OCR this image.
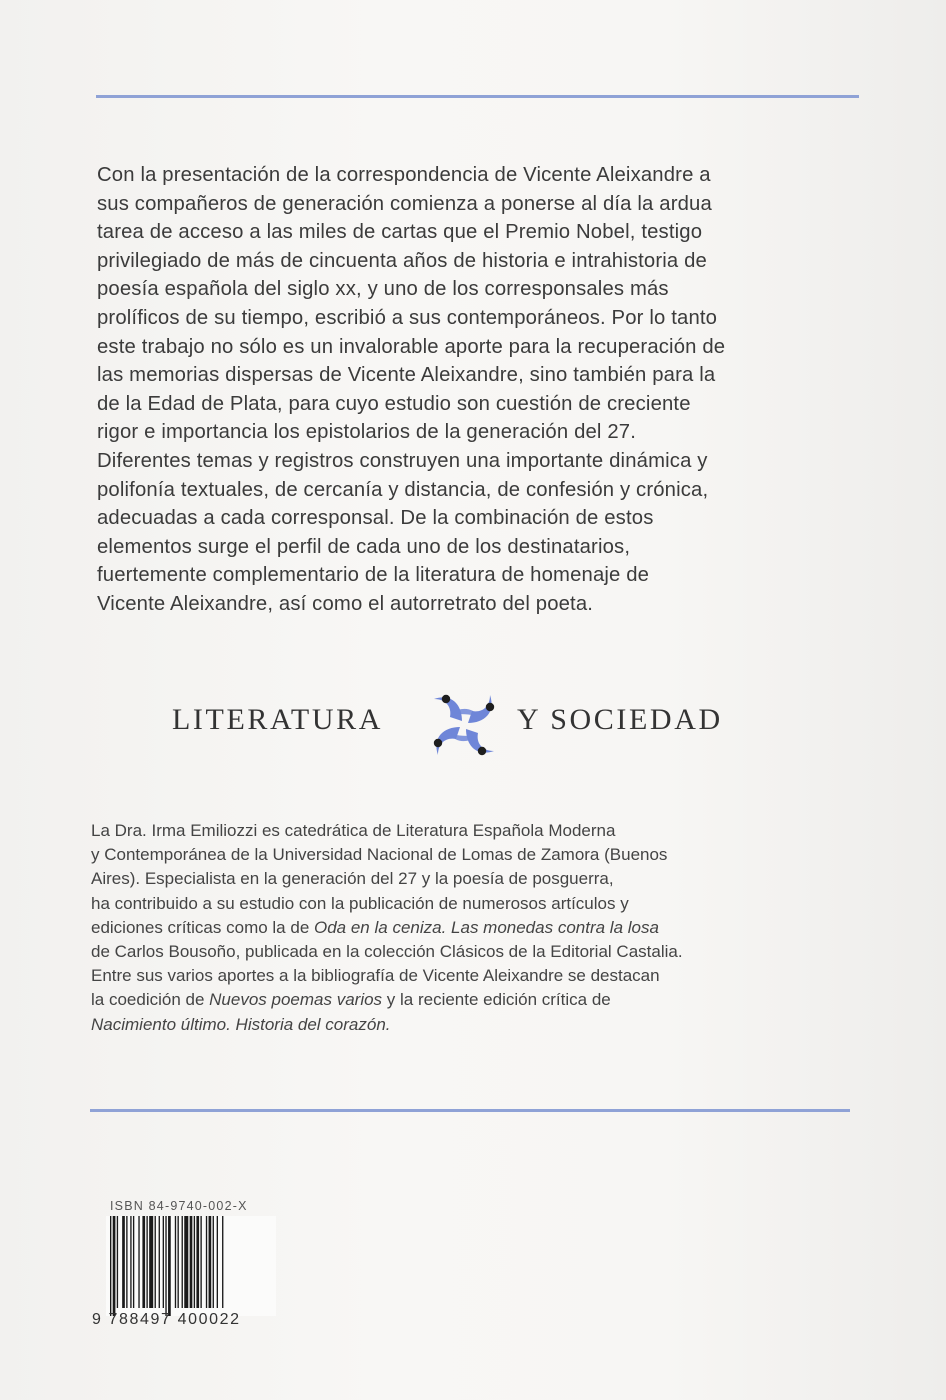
Con la presentación de la correspondencia de Vicente Aleixandre a
sus compañeros de generación comienza a ponerse al día la ardua
tarea de acceso a las miles de cartas que el Premio Nobel, testigo
privilegiado de más de cincuenta años de historia e intrahistoria de
poesía española del siglo xx, y uno de los corresponsales más
prolíficos de su tiempo, escribió a sus contemporáneos. Por lo tanto
este trabajo no sólo es un invalorable aporte para la recuperación de
las memorias dispersas de Vicente Aleixandre, sino también para la
de la Edad de Plata, para cuyo estudio son cuestión de creciente
rigor e importancia los epistolarios de la generación del 27.
Diferentes temas y registros construyen una importante dinámica y
polifonía textuales, de cercanía y distancia, de confesión y crónica,
adecuadas a cada corresponsal. De la combinación de estos
elementos surge el perfil de cada uno de los destinatarios,
fuertemente complementario de la literatura de homenaje de
Vicente Aleixandre, así como el autorretrato del poeta.

LITERATURA	Y SOCIEDAD

La Dra. Irma Emiliozzi es catedrática de Literatura Española Moderna
y Contemporánea de la Universidad Nacional de Lomas de Zamora (Buenos
Aires). Especialista en la generación del 27 y la poesía de posguerra,
ha contribuido a su estudio con la publicación de numerosos artículos y
ediciones críticas como la de Oda en la ceniza. Las monedas contra la losa
de Carlos Bousoño, publicada en la colección Clásicos de la Editorial Castalia.
Entre sus varios aportes a la bibliografía de Vicente Aleixandre se destacan
la coedición de Nuevos poemas varios y la reciente edición crítica de
Nacimiento último. Historia del corazón.

ISBN 84-9740-002-X
9 788497 400022
